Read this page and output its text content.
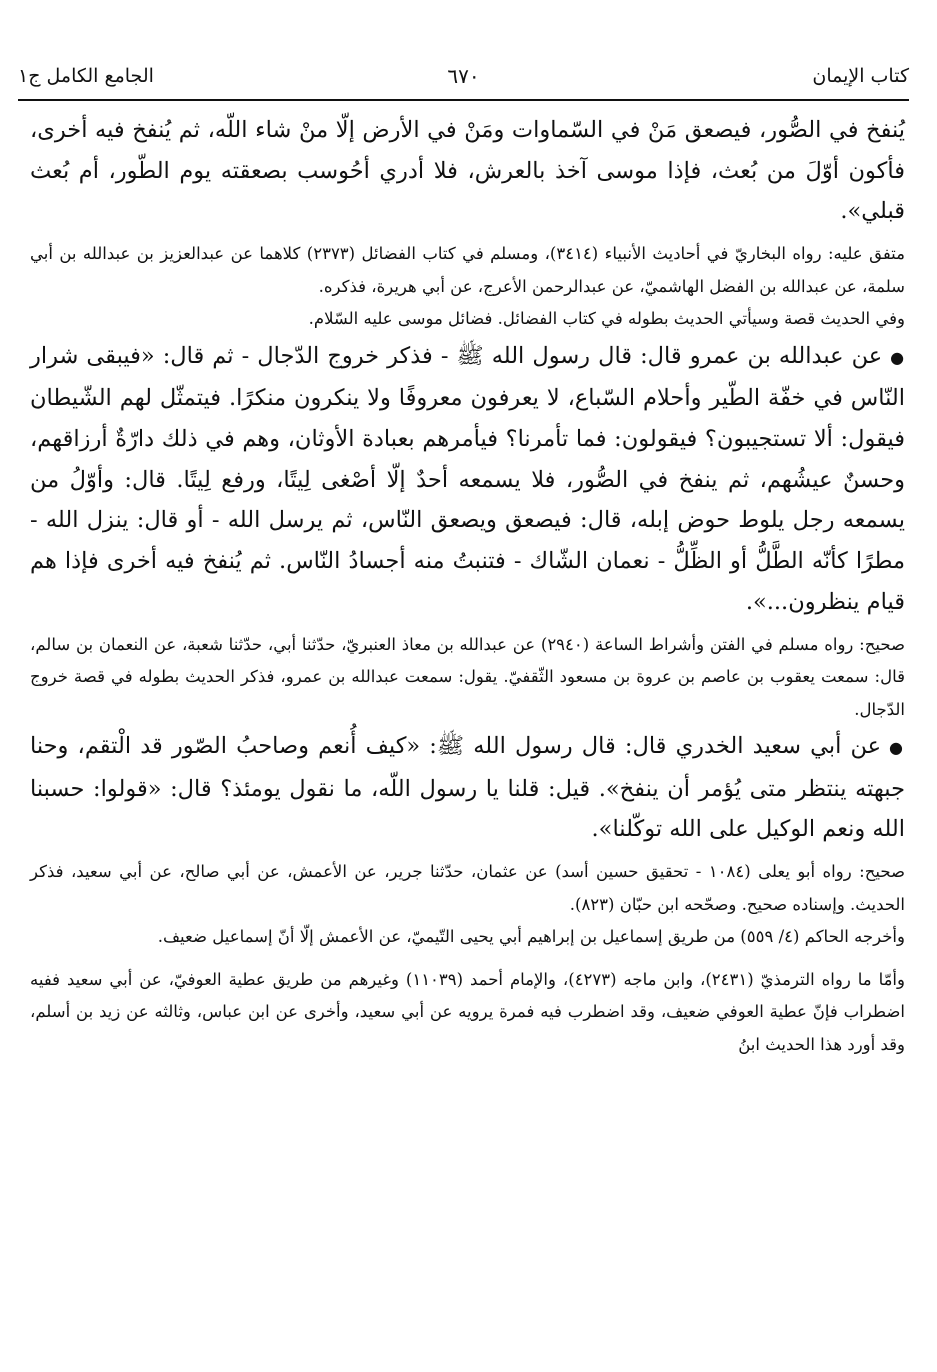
كتاب الإيمان
٦٧٠
الجامع الكامل ج١

يُنفخ في الصُّور، فيصعق مَنْ في السّماوات ومَنْ في الأرض إلّا منْ شاء اللّه، ثم يُنفخ فيه أخرى، فأكون أوّلَ من بُعث، فإذا موسى آخذ بالعرش، فلا أدري أحُوسب بصعقته يوم الطّور، أم بُعث قبلي».

متفق عليه: رواه البخاريّ في أحاديث الأنبياء (٣٤١٤)، ومسلم في كتاب الفضائل (٢٣٧٣) كلاهما عن عبدالعزيز بن عبدالله بن أبي سلمة، عن عبدالله بن الفضل الهاشميّ، عن عبدالرحمن الأعرج، عن أبي هريرة، فذكره.

وفي الحديث قصة وسيأتي الحديث بطوله في كتاب الفضائل. فضائل موسى عليه السّلام.

● عن عبدالله بن عمرو قال: قال رسول الله ﷺ - فذكر خروج الدّجال - ثم قال: «فيبقى شرار النّاس في خفّة الطّير وأحلام السّباع، لا يعرفون معروفًا ولا ينكرون منكرًا. فيتمثّل لهم الشّيطان فيقول: ألا تستجيبون؟ فيقولون: فما تأمرنا؟ فيأمرهم بعبادة الأوثان، وهم في ذلك دارّةٌ أرزاقهم، وحسنٌ عيشُهم، ثم ينفخ في الصُّور، فلا يسمعه أحدٌ إلّا أصْغى لِيتًا، ورفع لِيتًا. قال: وأوّلُ من يسمعه رجل يلوط حوض إبله، قال: فيصعق ويصعق النّاس، ثم يرسل الله - أو قال: ينزل الله - مطرًا كأنّه الطَّلُّ أو الظِّلُّ - نعمان الشّاك - فتنبتُ منه أجسادُ النّاس. ثم يُنفخ فيه أخرى فإذا هم قيام ينظرون...».

صحيح: رواه مسلم في الفتن وأشراط الساعة (٢٩٤٠) عن عبدالله بن معاذ العنبريّ، حدّثنا أبي، حدّثنا شعبة، عن النعمان بن سالم، قال: سمعت يعقوب بن عاصم بن عروة بن مسعود الثّقفيّ. يقول: سمعت عبدالله بن عمرو، فذكر الحديث بطوله في قصة خروج الدّجال.

● عن أبي سعيد الخدري قال: قال رسول الله ﷺ: «كيف أُنعم وصاحبُ الصّور قد الْتقم، وحنا جبهته ينتظر متى يُؤمر أن ينفخ». قيل: قلنا يا رسول اللّه، ما نقول يومئذ؟ قال: «قولوا: حسبنا الله ونعم الوكيل على الله توكّلنا».

صحيح: رواه أبو يعلى (١٠٨٤ - تحقيق حسين أسد) عن عثمان، حدّثنا جرير، عن الأعمش، عن أبي صالح، عن أبي سعيد، فذكر الحديث. وإسناده صحيح. وصحّحه ابن حبّان (٨٢٣).

وأخرجه الحاكم (٤/ ٥٥٩) من طريق إسماعيل بن إبراهيم أبي يحيى التّيميّ، عن الأعمش إلّا أنّ إسماعيل ضعيف.

وأمّا ما رواه الترمذيّ (٢٤٣١)، وابن ماجه (٤٢٧٣)، والإمام أحمد (١١٠٣٩) وغيرهم من طريق عطية العوفيّ، عن أبي سعيد ففيه اضطراب فإنّ عطية العوفي ضعيف، وقد اضطرب فيه فمرة يرويه عن أبي سعيد، وأخرى عن ابن عباس، وثالثه عن زيد بن أسلم، وقد أورد هذا الحديث ابنُ
